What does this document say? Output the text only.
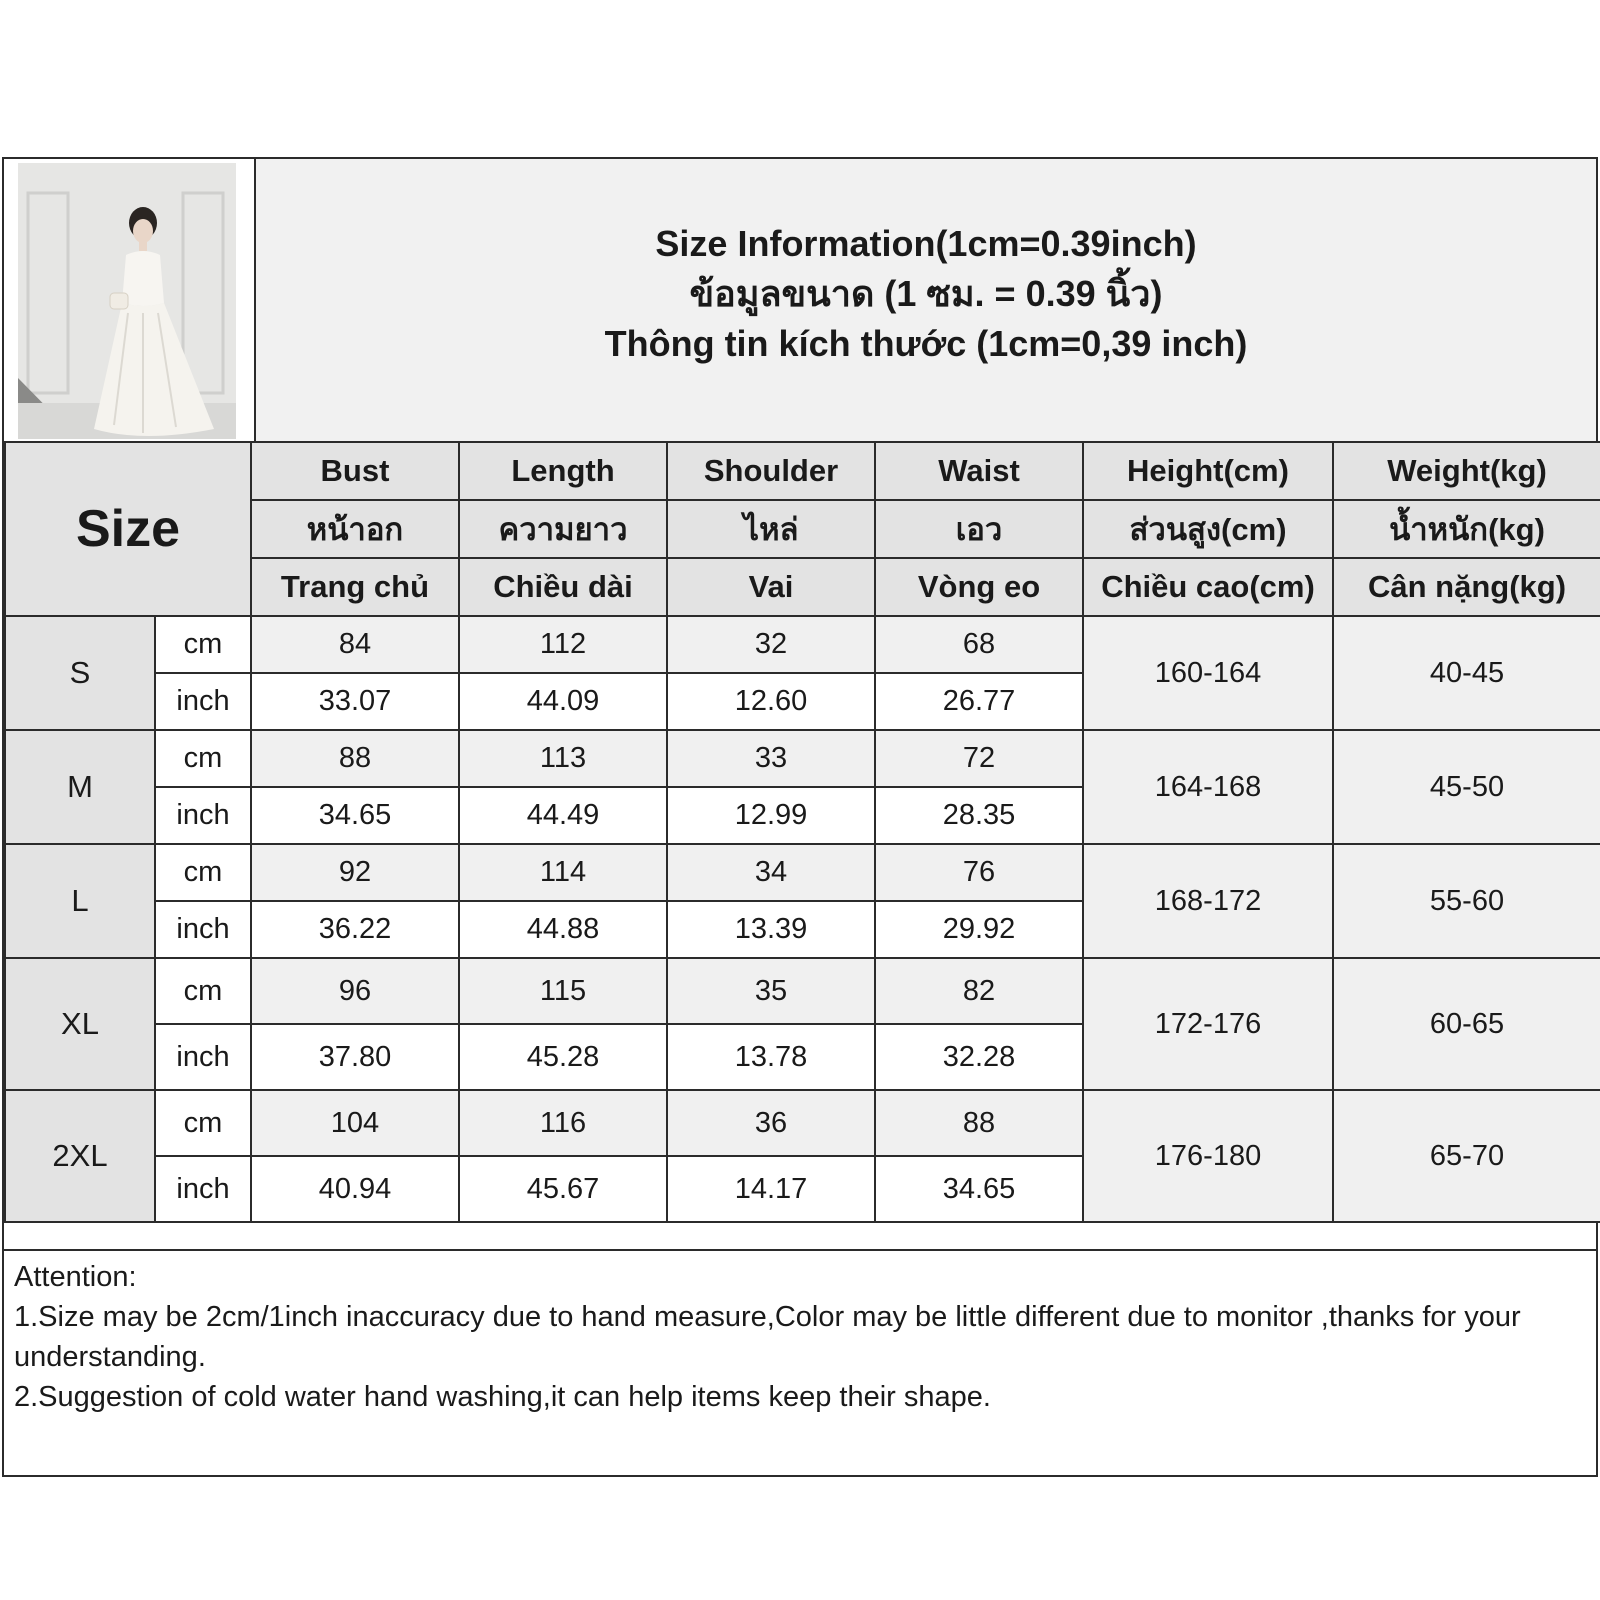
Size Information(1cm=0.39inch)
ข้อมูลขนาด (1 ซม. = 0.39 นิ้ว)
Thông tin kích thước (1cm=0,39 inch)
Size		Bust	Length	Shoulder	Waist	Height(cm)	Weight(kg)
		หน้าอก	ความยาว	ไหล่	เอว	ส่วนสูง(cm)	น้ำหนัก(kg)
		Trang chủ	Chiều dài	Vai	Vòng eo	Chiều cao(cm)	Cân nặng(kg)
S	cm	84	112	32	68	160-164	40-45
	inch	33.07	44.09	12.60	26.77		
M	cm	88	113	33	72	164-168	45-50
	inch	34.65	44.49	12.99	28.35		
L	cm	92	114	34	76	168-172	55-60
	inch	36.22	44.88	13.39	29.92		
XL	cm	96	115	35	82	172-176	60-65
	inch	37.80	45.28	13.78	32.28		
2XL	cm	104	116	36	88	176-180	65-70
	inch	40.94	45.67	14.17	34.65		
Attention:
1.Size may be 2cm/1inch inaccuracy due to hand measure,Color may be little different due to monitor ,thanks for your understanding.
2.Suggestion of cold water hand washing,it can help items keep their shape.
